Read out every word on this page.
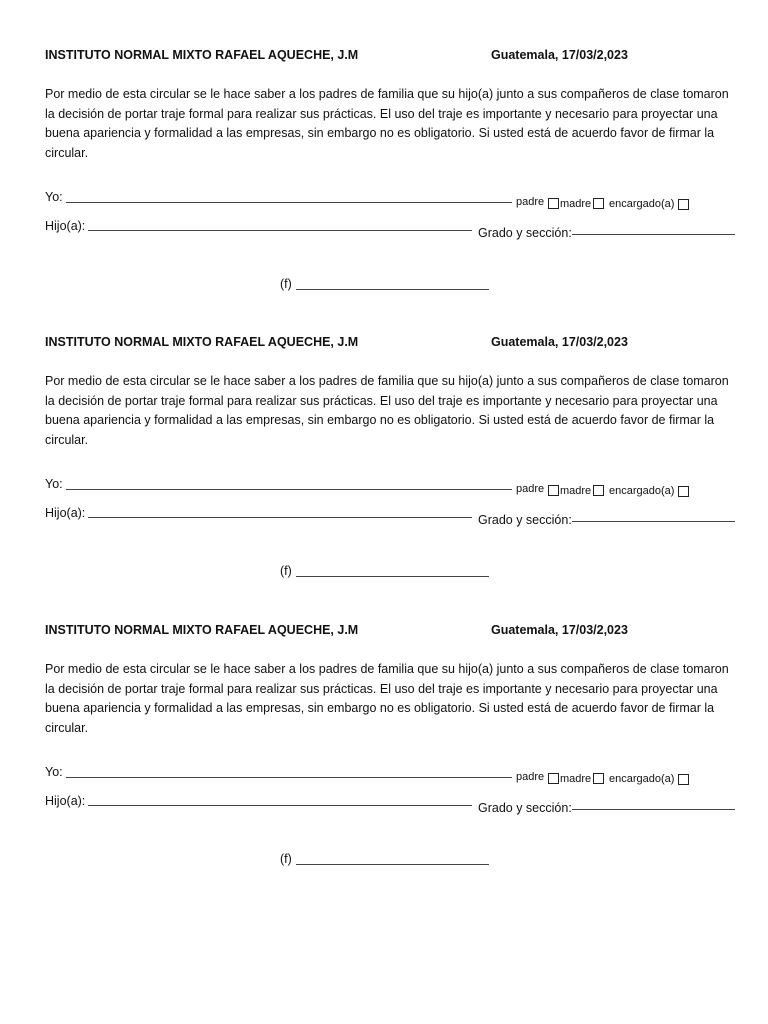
INSTITUTO NORMAL MIXTO RAFAEL AQUECHE, J.M	Guatemala, 17/03/2,023

Por medio de esta circular se le hace saber a los padres de familia que su hijo(a) junto a sus compañeros de clase tomaron la decisión de portar traje formal para realizar sus prácticas. El uso del traje es importante y necesario para proyectar una buena apariencia y formalidad a las empresas, sin embargo no es obligatorio. Si usted está de acuerdo favor de firmar la circular.

Yo:	padre madre encargado(a)
Hijo(a):	Grado y sección:
(f)
INSTITUTO NORMAL MIXTO RAFAEL AQUECHE, J.M	Guatemala, 17/03/2,023

Por medio de esta circular se le hace saber a los padres de familia que su hijo(a) junto a sus compañeros de clase tomaron la decisión de portar traje formal para realizar sus prácticas. El uso del traje es importante y necesario para proyectar una buena apariencia y formalidad a las empresas, sin embargo no es obligatorio. Si usted está de acuerdo favor de firmar la circular.

Yo:	padre madre encargado(a)
Hijo(a):	Grado y sección:
(f)
INSTITUTO NORMAL MIXTO RAFAEL AQUECHE, J.M	Guatemala, 17/03/2,023

Por medio de esta circular se le hace saber a los padres de familia que su hijo(a) junto a sus compañeros de clase tomaron la decisión de portar traje formal para realizar sus prácticas. El uso del traje es importante y necesario para proyectar una buena apariencia y formalidad a las empresas, sin embargo no es obligatorio. Si usted está de acuerdo favor de firmar la circular.

Yo:	padre madre encargado(a)
Hijo(a):	Grado y sección:
(f)
